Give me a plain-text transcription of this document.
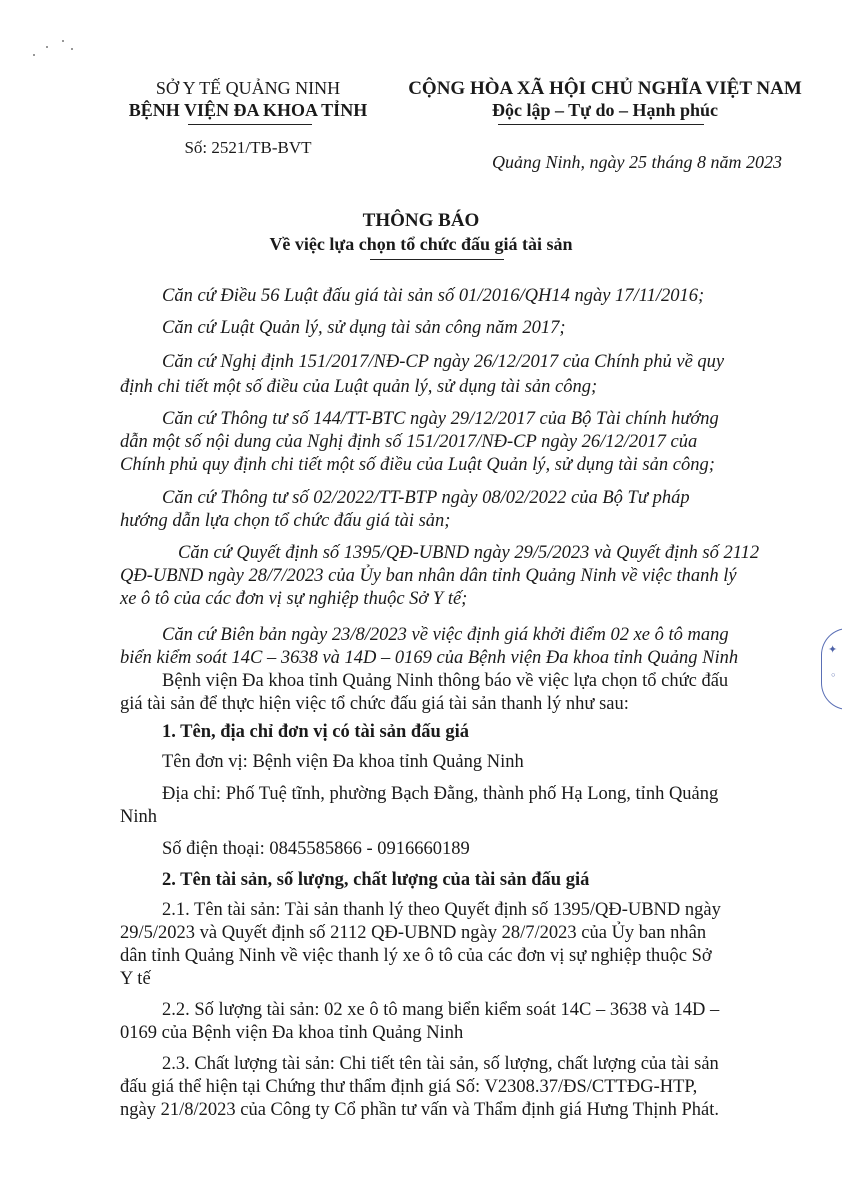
SỞ Y TẾ QUẢNG NINH
BỆNH VIỆN ĐA KHOA TỈNH
Số: 2521/TB-BVT
CỘNG HÒA XÃ HỘI CHỦ NGHĨA VIỆT NAM
Độc lập – Tự do – Hạnh phúc
Quảng Ninh, ngày 25 tháng 8 năm 2023
THÔNG BÁO
Về việc lựa chọn tổ chức đấu giá tài sản
Căn cứ Điều 56 Luật đấu giá tài sản số 01/2016/QH14 ngày 17/11/2016;
Căn cứ Luật Quản lý, sử dụng tài sản công năm 2017;
Căn cứ Nghị định 151/2017/NĐ-CP ngày 26/12/2017 của Chính phủ về quy
định chi tiết một số điều của Luật quản lý, sử dụng tài sản công;
Căn cứ Thông tư số 144/TT-BTC ngày 29/12/2017 của Bộ Tài chính hướng
dẫn một số nội dung của Nghị định số 151/2017/NĐ-CP ngày 26/12/2017 của
Chính phủ quy định chi tiết một số điều của Luật Quản lý, sử dụng tài sản công;
Căn cứ Thông tư số 02/2022/TT-BTP ngày 08/02/2022 của Bộ Tư pháp
hướng dẫn lựa chọn tổ chức đấu giá tài sản;
Căn cứ Quyết định số 1395/QĐ-UBND ngày 29/5/2023 và Quyết định số 2112
QĐ-UBND ngày 28/7/2023 của Ủy ban nhân dân tỉnh Quảng Ninh về việc thanh lý
xe ô tô của các đơn vị sự nghiệp thuộc Sở Y tế;
Căn cứ Biên bản ngày 23/8/2023 về việc định giá khởi điểm 02 xe ô tô mang
biển kiểm soát 14C – 3638 và 14D – 0169 của Bệnh viện Đa khoa tỉnh Quảng Ninh
Bệnh viện Đa khoa tỉnh Quảng Ninh thông báo về việc lựa chọn tổ chức đấu
giá tài sản để thực hiện việc tổ chức đấu giá tài sản thanh lý như sau:
1. Tên, địa chỉ đơn vị có tài sản đấu giá
Tên đơn vị: Bệnh viện Đa khoa tỉnh Quảng Ninh
Địa chỉ: Phố Tuệ tĩnh, phường Bạch Đằng, thành phố Hạ Long, tỉnh Quảng
Ninh
Số điện thoại: 0845585866 - 0916660189
2. Tên tài sản, số lượng, chất lượng của tài sản đấu giá
2.1. Tên tài sản: Tài sản thanh lý theo Quyết định số 1395/QĐ-UBND ngày
29/5/2023 và Quyết định số 2112 QĐ-UBND ngày 28/7/2023 của Ủy ban nhân
dân tỉnh Quảng Ninh về việc thanh lý xe ô tô của các đơn vị sự nghiệp thuộc Sở
Y tế
2.2. Số lượng tài sản: 02 xe ô tô mang biển kiểm soát 14C – 3638 và 14D –
0169 của Bệnh viện Đa khoa tỉnh Quảng Ninh
2.3. Chất lượng tài sản: Chi tiết tên tài sản, số lượng, chất lượng của tài sản
đấu giá thể hiện tại Chứng thư thẩm định giá Số: V2308.37/ĐS/CTTĐG-HTP,
ngày 21/8/2023 của Công ty Cổ phần tư vấn và Thẩm định giá Hưng Thịnh Phát.
✦
◦
